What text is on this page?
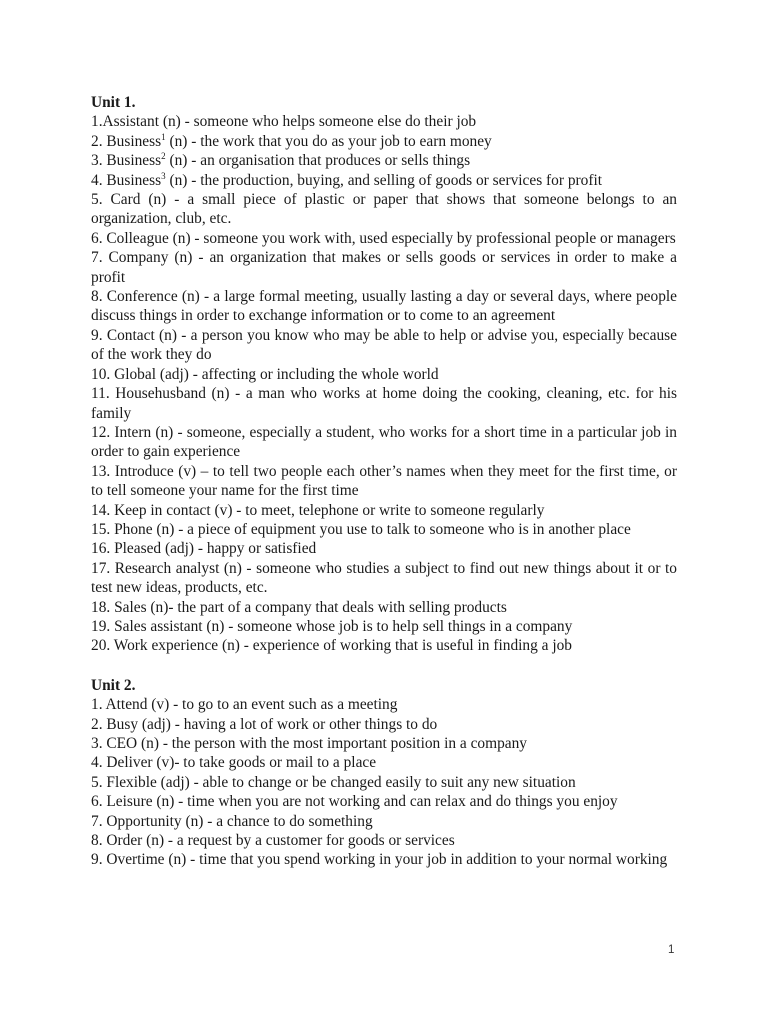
Unit 1.

1.Assistant (n) - someone who helps someone else do their job

2. Business$^1$ (n) - the work that you do as your job to earn money

3. Business$^2$ (n) - an organisation that produces or sells things

4. Business$^3$ (n) - the production, buying, and selling of goods or services for profit

5. Card (n) - a small piece of plastic or paper that shows that someone belongs to an organization, club, etc.

6. Colleague (n) - someone you work with, used especially by professional people or managers

7. Company (n) - an organization that makes or sells goods or services in order to make a profit

8. Conference (n) - a large formal meeting, usually lasting a day or several days, where people discuss things in order to exchange information or to come to an agreement

9. Contact (n) - a person you know who may be able to help or advise you, especially because of the work they do

10. Global (adj) - affecting or including the whole world

11. Househusband (n) - a man who works at home doing the cooking, cleaning, etc. for his family

12. Intern (n) - someone, especially a student, who works for a short time in a particular job in order to gain experience

13. Introduce (v) – to tell two people each other’s names when they meet for the first time, or to tell someone your name for the first time

14. Keep in contact (v) - to meet, telephone or write to someone regularly

15. Phone (n) - a piece of equipment you use to talk to someone who is in another place

16. Pleased (adj) - happy or satisfied

17. Research analyst (n) - someone who studies a subject to find out new things about it or to test new ideas, products, etc.

18. Sales (n)- the part of a company that deals with selling products

19. Sales assistant (n) - someone whose job is to help sell things in a company

20. Work experience (n) - experience of working that is useful in finding a job

Unit 2.

1. Attend (v) - to go to an event such as a meeting

2. Busy (adj) - having a lot of work or other things to do

3. CEO (n) - the person with the most important position in a company

4. Deliver (v)- to take goods or mail to a place

5. Flexible (adj) - able to change or be changed easily to suit any new situation

6. Leisure (n) - time when you are not working and can relax and do things you enjoy

7. Opportunity (n) - a chance to do something

8. Order (n) - a request by a customer for goods or services

9. Overtime (n) - time that you spend working in your job in addition to your normal working

1
